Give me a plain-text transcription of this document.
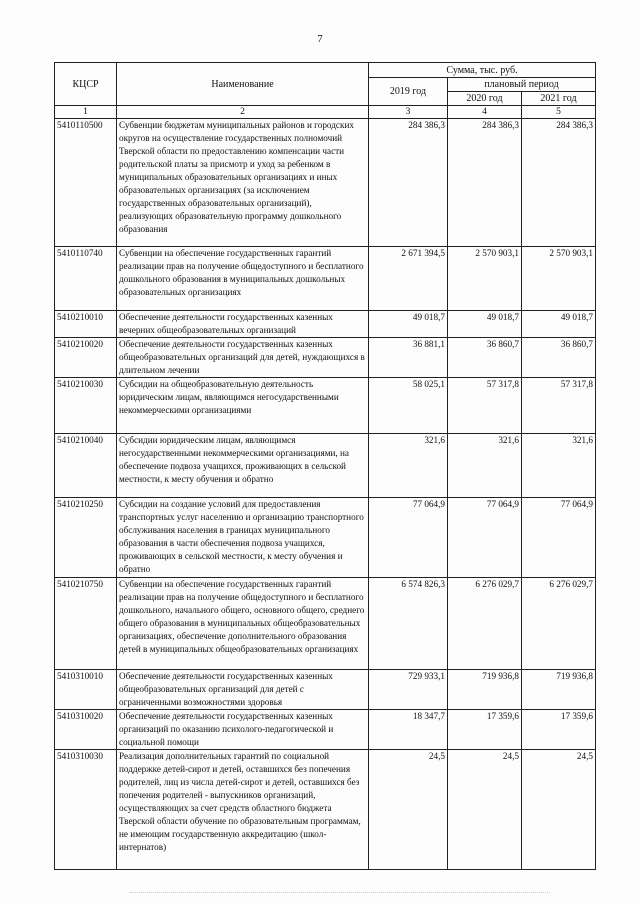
7
КЦСР	Наименование	Сумма, тыс. руб.		
		2019 год	плановый период	
			2020 год	2021 год
1	2	3	4	5
5410110500	Субвенции бюджетам муниципальных районов и городских округов на осуществление государственных полномочий Тверской области по предоставлению компенсации части родительской платы за присмотр и уход за ребенком в муниципальных образовательных организациях и иных образовательных организациях (за исключением государственных образовательных организаций), реализующих образовательную программу дошкольного образования	284 386,3	284 386,3	284 386,3
5410110740	Субвенции на обеспечение государственных гарантий реализации прав на получение общедоступного и бесплатного дошкольного образования в муниципальных дошкольных образовательных организациях	2 671 394,5	2 570 903,1	2 570 903,1
5410210010	Обеспечение деятельности государственных казенных вечерних общеобразовательных организаций	49 018,7	49 018,7	49 018,7
5410210020	Обеспечение деятельности государственных казенных общеобразовательных организаций для детей, нуждающихся в длительном лечении	36 881,1	36 860,7	36 860,7
5410210030	Субсидии на общеобразовательную деятельность юридическим лицам, являющимся негосударственными некоммерческими организациями	58 025,1	57 317,8	57 317,8
5410210040	Субсидии юридическим лицам, являющимся негосударственными некоммерческими организациями, на обеспечение подвоза учащихся, проживающих в сельской местности, к месту обучения и обратно	321,6	321,6	321,6
5410210250	Субсидии на создание условий для предоставления транспортных услуг населению и организацию транспортного обслуживания населения в границах муниципального образования в части обеспечения подвоза учащихся, проживающих в сельской местности, к месту обучения и обратно	77 064,9	77 064,9	77 064,9
5410210750	Субвенции на обеспечение государственных гарантий реализации прав на получение общедоступного и бесплатного дошкольного, начального общего, основного общего, среднего общего образования в муниципальных общеобразовательных организациях, обеспечение дополнительного образования детей в муниципальных общеобразовательных организациях	6 574 826,3	6 276 029,7	6 276 029,7
5410310010	Обеспечение деятельности государственных казенных общеобразовательных организаций для детей с ограниченными возможностями здоровья	729 933,1	719 936,8	719 936,8
5410310020	Обеспечение деятельности государственных казенных организаций по оказанию психолого-педагогической и социальной помощи	18 347,7	17 359,6	17 359,6
5410310030	Реализация дополнительных гарантий по социальной поддержке детей-сирот и детей, оставшихся без попечения родителей, лиц из числа детей-сирот и детей, оставшихся без попечения родителей - выпускников организаций, осуществляющих за счет средств областного бюджета Тверской области обучение по образовательным программам, не имеющим государственную аккредитацию (школ-интернатов)	24,5	24,5	24,5
